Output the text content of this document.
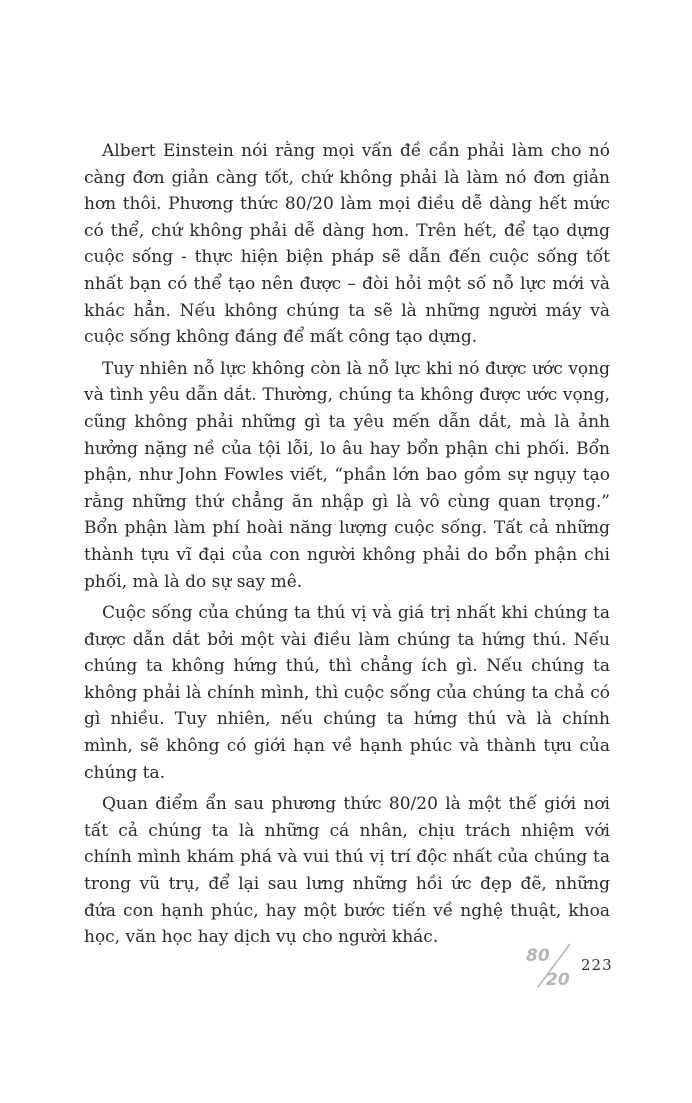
Albert Einstein nói rằng mọi vấn đề cần phải làm cho nó càng đơn giản càng tốt, chứ không phải là làm nó đơn giản hơn thôi. Phương thức 80/20 làm mọi điều dễ dàng hết mức có thể, chứ không phải dễ dàng hơn. Trên hết, để tạo dựng cuộc sống - thực hiện biện pháp sẽ dẫn đến cuộc sống tốt nhất bạn có thể tạo nên được – đòi hỏi một số nỗ lực mới và khác hẳn. Nếu không chúng ta sẽ là những người máy và cuộc sống không đáng để mất công tạo dựng.

Tuy nhiên nỗ lực không còn là nỗ lực khi nó được ước vọng và tình yêu dẫn dắt. Thường, chúng ta không được ước vọng, cũng không phải những gì ta yêu mến dẫn dắt, mà là ảnh hưởng nặng nề của tội lỗi, lo âu hay bổn phận chi phối. Bổn phận, như John Fowles viết, “phần lớn bao gồm sự ngụy tạo rằng những thứ chẳng ăn nhập gì là vô cùng quan trọng.” Bổn phận làm phí hoài năng lượng cuộc sống. Tất cả những thành tựu vĩ đại của con người không phải do bổn phận chi phối, mà là do sự say mê.

Cuộc sống của chúng ta thú vị và giá trị nhất khi chúng ta được dẫn dắt bởi một vài điều làm chúng ta hứng thú. Nếu chúng ta không hứng thú, thì chẳng ích gì. Nếu chúng ta không phải là chính mình, thì cuộc sống của chúng ta chả có gì nhiều. Tuy nhiên, nếu chúng ta hứng thú và là chính mình, sẽ không có giới hạn về hạnh phúc và thành tựu của chúng ta.

Quan điểm ẩn sau phương thức 80/20 là một thế giới nơi tất cả chúng ta là những cá nhân, chịu trách nhiệm với chính mình khám phá và vui thú vị trí độc nhất của chúng ta trong vũ trụ, để lại sau lưng những hồi ức đẹp đẽ, những đứa con hạnh phúc, hay một bước tiến về nghệ thuật, khoa học, văn học hay dịch vụ cho người khác.

80
20
223
